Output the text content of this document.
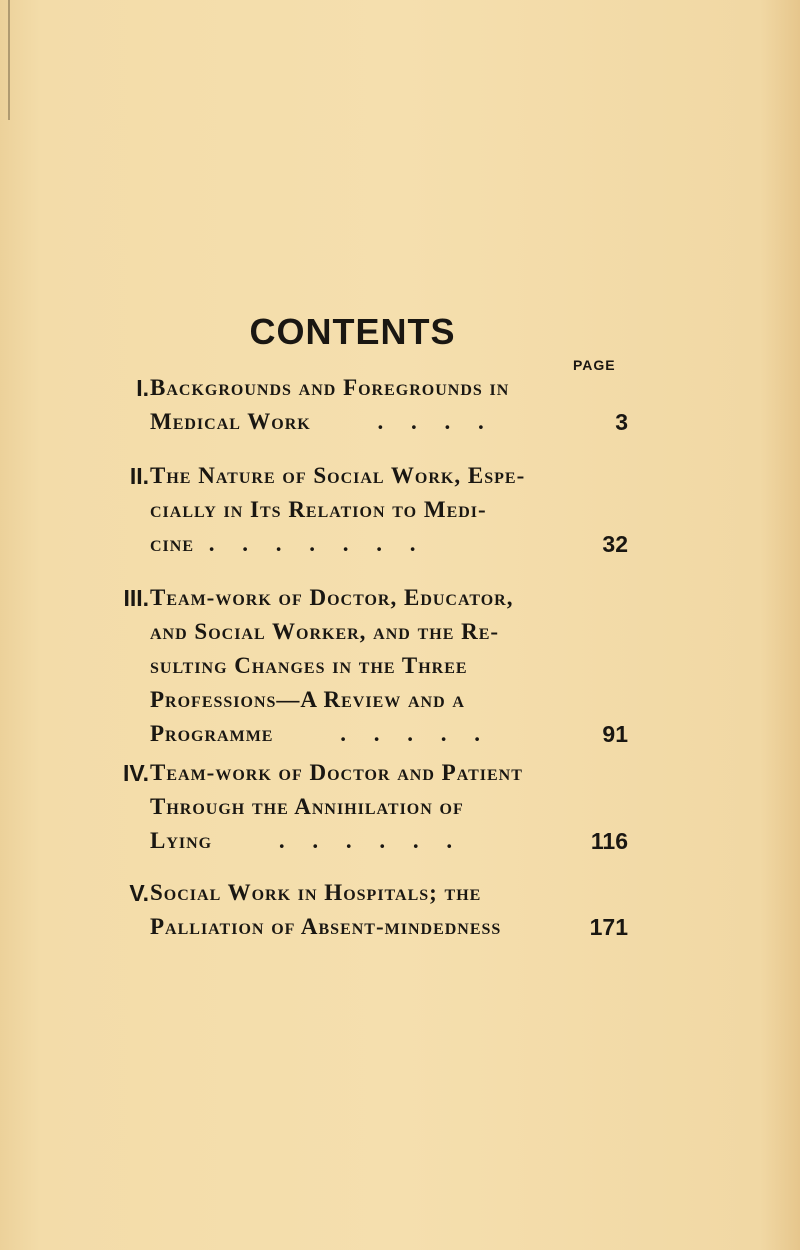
CONTENTS
PAGE
I. Backgrounds and Foregrounds in
Medical Work	. . . .	3
II. The Nature of Social Work, Espe-
cially in Its Relation to Medi-
cine . . . . . . .	32
III. Team-work of Doctor, Educator,
and Social Worker, and the Re-
sulting Changes in the Three
Professions—A Review and a
Programme	. . . . .	91
IV. Team-work of Doctor and Patient
Through the Annihilation of
Lying	. . . . . .	116
V. Social Work in Hospitals; the
Palliation of Absent-mindedness	171
